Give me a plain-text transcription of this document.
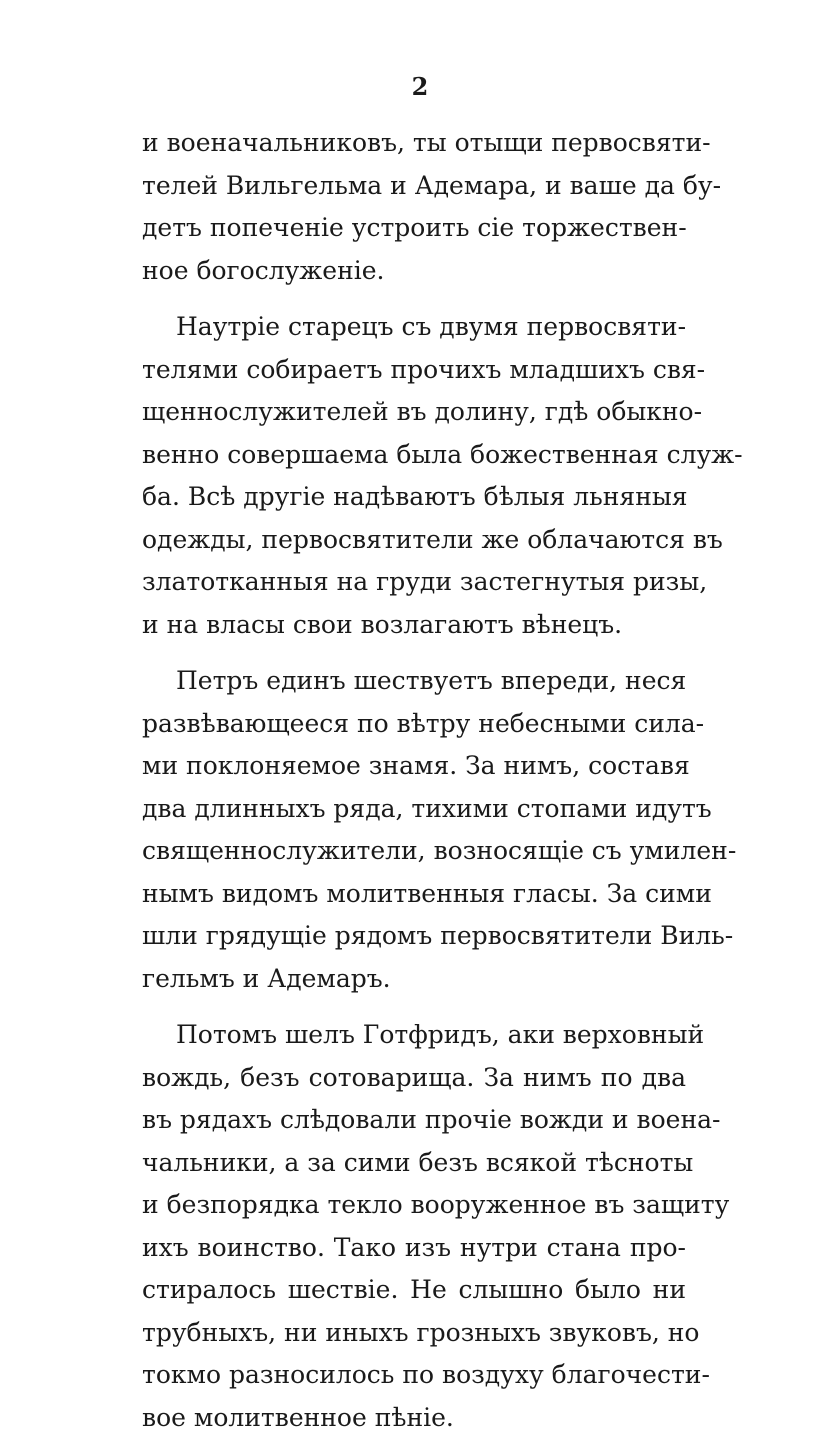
2
и военачальниковъ, ты отыщи первосвяти-
телей Вильгельма и Адемара, и ваше да бу-
детъ попеченіе устроить сіе торжествен-
ное богослуженіе.
Наутріе старецъ съ двумя первосвяти-
телями собираетъ прочихъ младшихъ свя-
щеннослужителей въ долину, гдѣ обыкно-
венно совершаема была божественная служ-
ба. Всѣ другіе надѣваютъ бѣлыя льняныя
одежды, первосвятители же облачаются въ
златотканныя на груди застегнутыя ризы,
и на власы свои возлагаютъ вѣнецъ.
Петръ единъ шествуетъ впереди, неся
развѣвающееся по вѣтру небесными сила-
ми поклоняемое знамя. За нимъ, составя
два длинныхъ ряда, тихими стопами идутъ
священнослужители, возносящіе съ умилен-
нымъ видомъ молитвенныя гласы. За сими
шли грядущіе рядомъ первосвятители Виль-
гельмъ и Адемаръ.
Потомъ шелъ Готфридъ, аки верховный
вождь, безъ сотоварища. За нимъ по два
въ рядахъ слѣдовали прочіе вожди и воена-
чальники, а за сими безъ всякой тѣсноты
и безпорядка текло вооруженное въ защиту
ихъ воинство. Тако изъ нутри стана про-
стиралось шествіе. Не слышно было ни
трубныхъ, ни иныхъ грозныхъ звуковъ, но
токмо разносилось по воздуху благочести-
вое молитвенное пѣніе.
